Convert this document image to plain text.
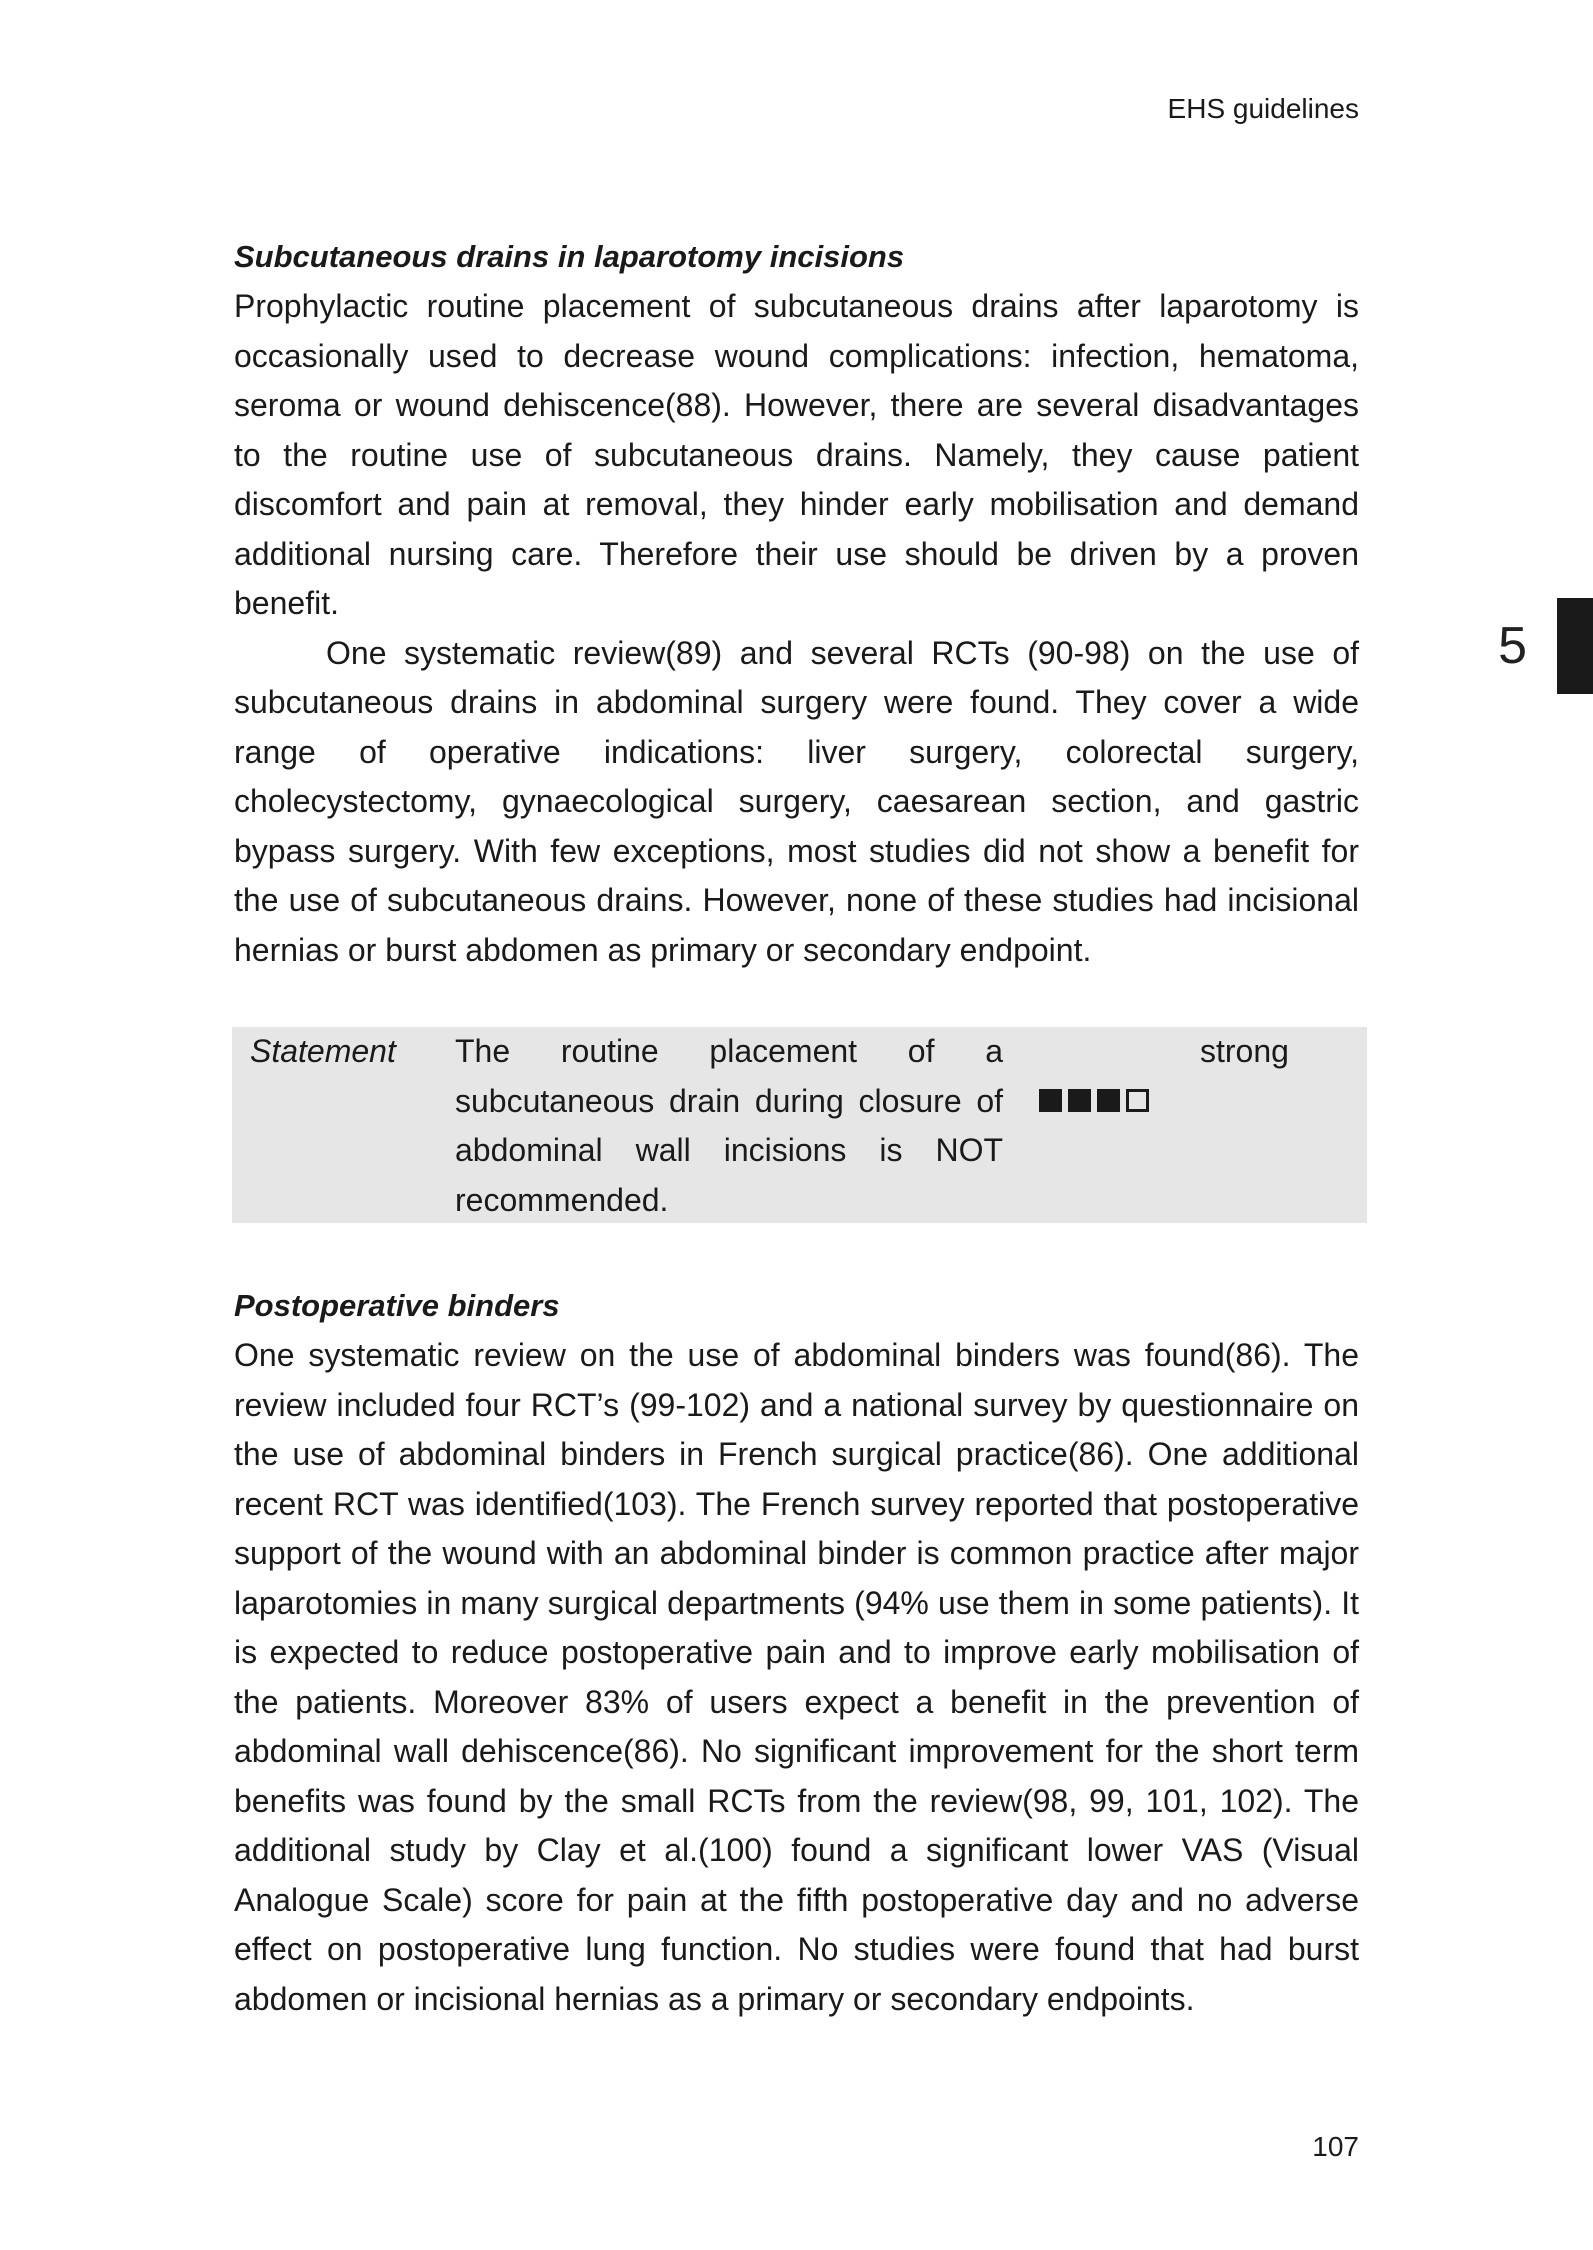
EHS guidelines
5
Subcutaneous drains in laparotomy incisions

Prophylactic routine placement of subcutaneous drains after laparotomy is occasionally used to decrease wound complications: infection, hematoma, seroma or wound dehiscence(88). However, there are several disadvantages to the routine use of subcutaneous drains. Namely, they cause patient discomfort and pain at removal, they hinder early mobilisation and demand additional nursing care. Therefore their use should be driven by a proven benefit.

One systematic review(89) and several RCTs (90-98) on the use of subcutaneous drains in abdominal surgery were found. They cover a wide range of operative indications: liver surgery, colorectal surgery, cholecystectomy, gynaecological surgery, caesarean section, and gastric bypass surgery. With few exceptions, most studies did not show a benefit for the use of subcutaneous drains. However, none of these studies had incisional hernias or burst abdomen as primary or secondary endpoint.

Statement The routine placement of a subcutaneous drain during closure of abdominal wall incisions is NOT recommended.
strong
Postoperative binders

One systematic review on the use of abdominal binders was found(86). The review included four RCT’s (99-102) and a national survey by questionnaire on the use of abdominal binders in French surgical practice(86). One additional recent RCT was identified(103). The French survey reported that postoperative support of the wound with an abdominal binder is common practice after major laparotomies in many surgical departments (94% use them in some patients). It is expected to reduce postoperative pain and to improve early mobilisation of the patients. Moreover 83% of users expect a benefit in the prevention of abdominal wall dehiscence(86). No significant improvement for the short term benefits was found by the small RCTs from the review(98, 99, 101, 102). The additional study by Clay et al.(100) found a significant lower VAS (Visual Analogue Scale) score for pain at the fifth postoperative day and no adverse effect on postoperative lung function. No studies were found that had burst abdomen or incisional hernias as a primary or secondary endpoints.

107
